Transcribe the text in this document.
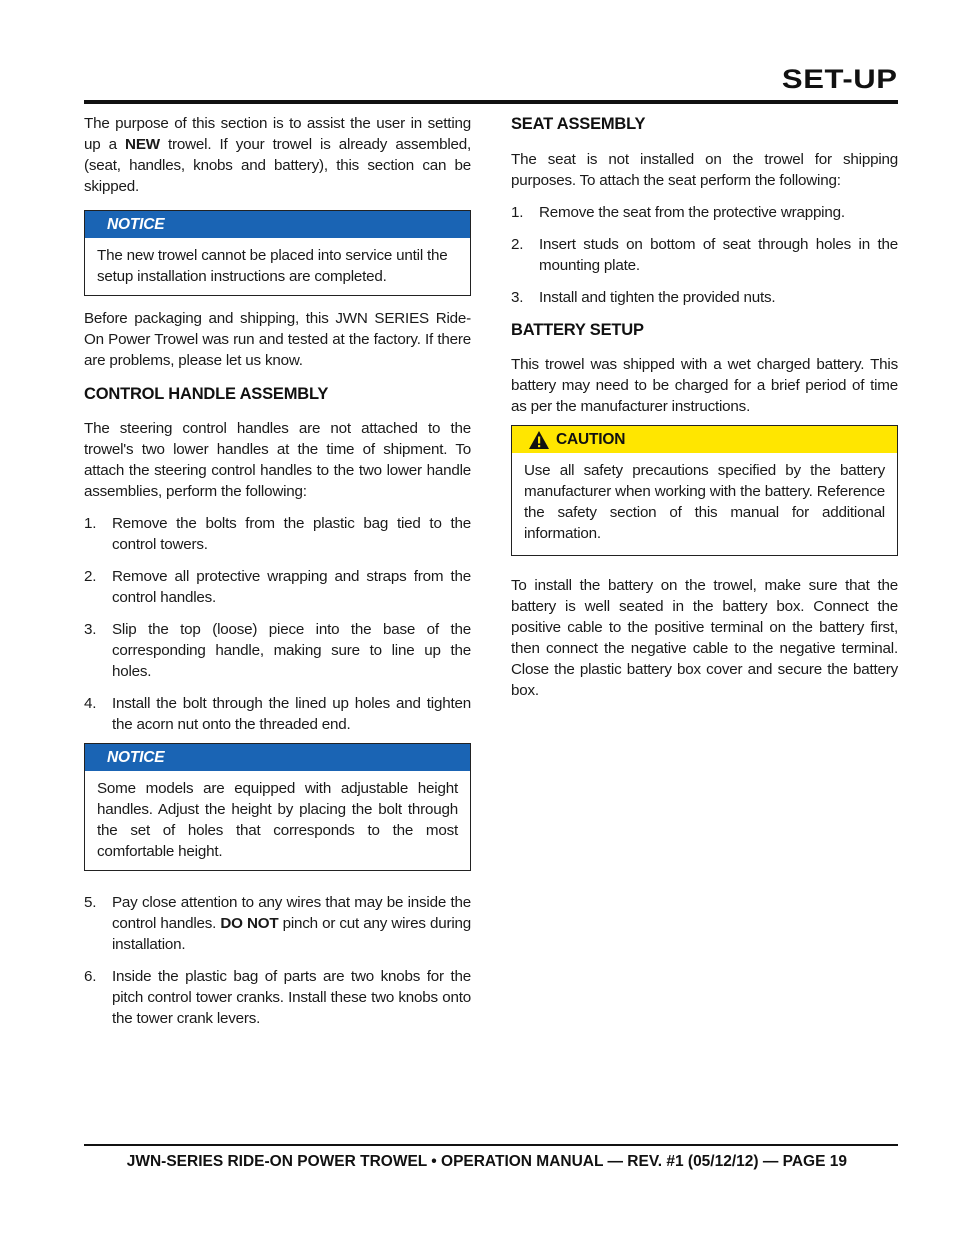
SET-UP

The purpose of this section is to assist the user in setting up a NEW trowel. If your trowel is already assembled, (seat, handles, knobs and battery), this section can be skipped.

NOTICE
The new trowel cannot be placed into service until the setup installation instructions are completed.

Before packaging and shipping, this JWN SERIES Ride-On Power Trowel was run and tested at the factory. If there are problems, please let us know.

CONTROL HANDLE ASSEMBLY

The steering control handles are not attached to the trowel's two lower handles at the time of shipment. To attach the steering control handles to the two lower handle assemblies, perform the following:

1.	Remove the bolts from the plastic bag tied to the control towers.
2.	Remove all protective wrapping and straps from the control handles.
3.	Slip the top (loose) piece into the base of the corresponding handle, making sure to line up the holes.
4.	Install the bolt through the lined up holes and tighten the acorn nut onto the threaded end.
NOTICE
Some models are equipped with adjustable height handles. Adjust the height by placing the bolt through the set of holes that corresponds to the most comfortable height.
5.	Pay close attention to any wires that may be inside the control handles. DO NOT pinch or cut any wires during installation.
6.	Inside the plastic bag of parts are two knobs for the pitch control tower cranks. Install these two knobs onto the tower crank levers.
SEAT ASSEMBLY

The seat is not installed on the trowel for shipping purposes. To attach the seat perform the following:

1.	Remove the seat from the protective wrapping.
2.	Insert studs on bottom of seat through holes in the mounting plate.
3.	Install and tighten the provided nuts.
BATTERY SETUP

This trowel was shipped with a wet charged battery. This battery may need to be charged for a brief period of time as per the manufacturer instructions.

CAUTION
Use all safety precautions specified by the battery manufacturer when working with the battery. Reference the safety section of this manual for additional information.

To install the battery on the trowel, make sure that the battery is well seated in the battery box. Connect the positive cable to the positive terminal on the battery first, then connect the negative cable to the negative terminal. Close the plastic battery box cover and secure the battery box.

JWN-SERIES RIDE-ON POWER TROWEL • OPERATION MANUAL — REV. #1 (05/12/12) — PAGE 19
